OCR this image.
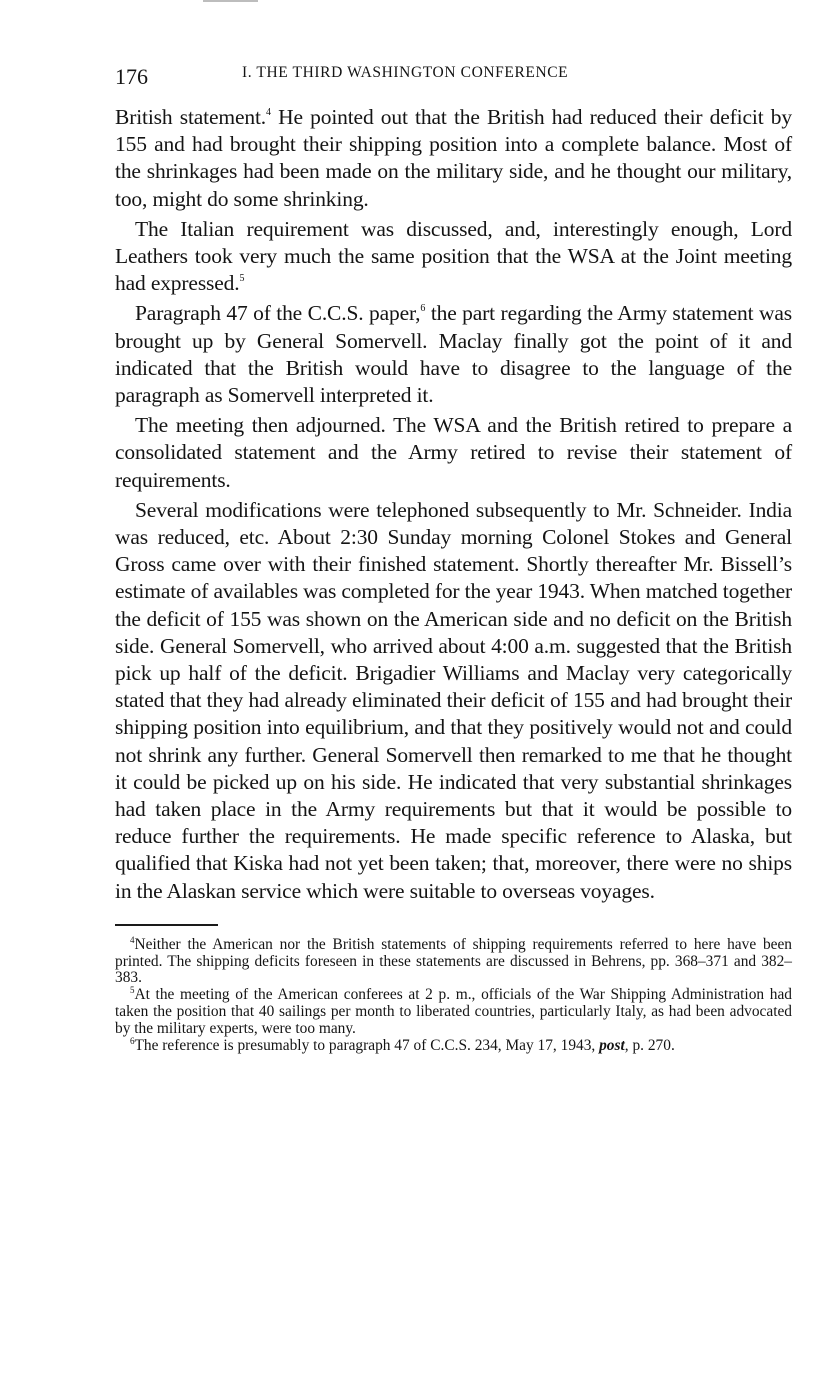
176	I. THE THIRD WASHINGTON CONFERENCE

British statement.$^4$ He pointed out that the British had reduced their deficit by 155 and had brought their shipping position into a complete balance. Most of the shrinkages had been made on the military side, and he thought our military, too, might do some shrinking.

The Italian requirement was discussed, and, interestingly enough, Lord Leathers took very much the same position that the WSA at the Joint meeting had expressed.$^5$

Paragraph 47 of the C.C.S. paper,$^6$ the part regarding the Army statement was brought up by General Somervell. Maclay finally got the point of it and indicated that the British would have to disagree to the language of the paragraph as Somervell interpreted it.

The meeting then adjourned. The WSA and the British retired to prepare a consolidated statement and the Army retired to revise their statement of requirements.

Several modifications were telephoned subsequently to Mr. Schneider. India was reduced, etc. About 2:30 Sunday morning Colonel Stokes and General Gross came over with their finished statement. Shortly thereafter Mr. Bissell’s estimate of availables was completed for the year 1943. When matched together the deficit of 155 was shown on the American side and no deficit on the British side. General Somervell, who arrived about 4:00 a.m. suggested that the British pick up half of the deficit. Brigadier Williams and Maclay very categorically stated that they had already eliminated their deficit of 155 and had brought their shipping position into equilibrium, and that they positively would not and could not shrink any further. General Somervell then remarked to me that he thought it could be picked up on his side. He indicated that very substantial shrinkages had taken place in the Army requirements but that it would be possible to reduce further the requirements. He made specific reference to Alaska, but qualified that Kiska had not yet been taken; that, moreover, there were no ships in the Alaskan service which were suitable to overseas voyages.

$^4$Neither the American nor the British statements of shipping requirements referred to here have been printed. The shipping deficits foreseen in these statements are discussed in Behrens, pp. 368–371 and 382–383.

$^5$At the meeting of the American conferees at 2 p. m., officials of the War Shipping Administration had taken the position that 40 sailings per month to liberated countries, particularly Italy, as had been advocated by the military experts, were too many.

$^6$The reference is presumably to paragraph 47 of C.C.S. 234, May 17, 1943, post, p. 270.
